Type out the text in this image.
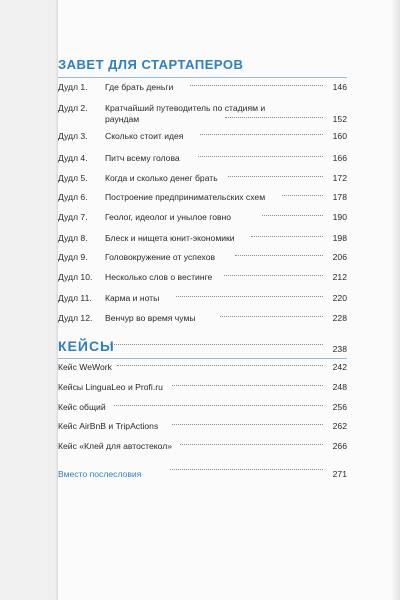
ЗАВЕТ ДЛЯ СТАРТАПЕРОВ
Дудл 1. Где брать деньги	146
Дудл 2. Кратчайший путеводитель по стадиям и раундам	152
Дудл 3. Сколько стоит идея	160
Дудл 4. Питч всему голова	166
Дудл 5. Когда и сколько денег брать	172
Дудл 6. Построение предпринимательских схем	178
Дудл 7. Геолог, идеолог и унылое говно	190
Дудл 8. Блеск и нищета юнит-экономики	198
Дудл 9. Головокружение от успехов	206
Дудл 10. Несколько слов о вестинге	212
Дудл 11. Карма и ноты	220
Дудл 12. Венчур во время чумы	228
КЕЙСЫ	238
Кейс WeWork	242
Кейсы LinguaLeo и Profi.ru	248
Кейс общий	256
Кейс AirBnB и TripActions	262
Кейс «Клей для автостекол»	266
Вместо послесловия	271
